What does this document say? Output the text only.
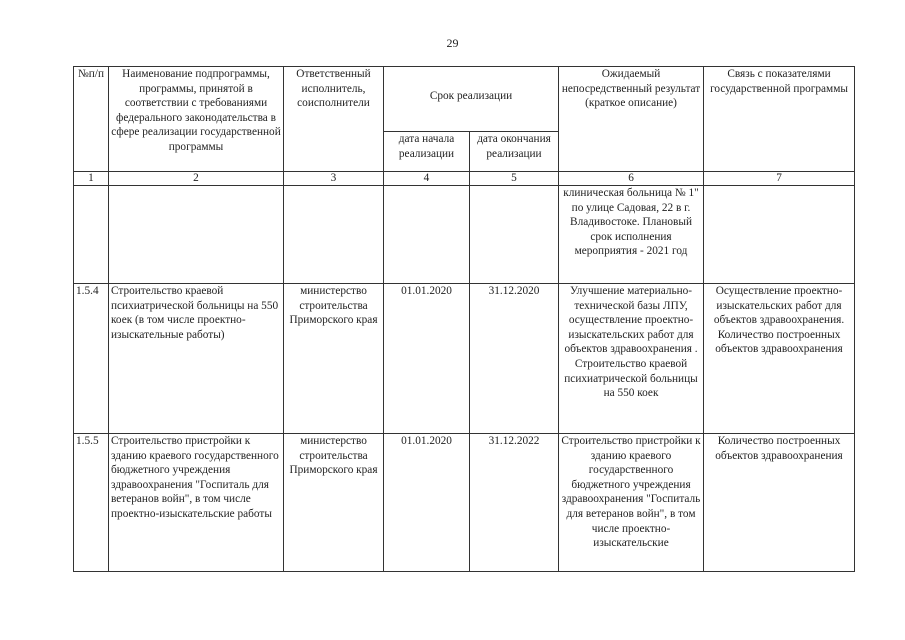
29
№п/п	Наименование подпрограммы, программы, принятой в соответствии с требованиями федерального законодательства в сфере реализации государственной программы	Ответственный исполнитель, соисполнители	Срок реализации		Ожидаемый непосредственный результат (краткое описание)	Связь с показателями государственной программы
			дата начала реализации	дата окончания реализации		
1	2	3	4	5	6	7
					клиническая больница № 1" по улице Садовая, 22 в г. Владивостоке. Плановый срок исполнения мероприятия - 2021 год	
1.5.4	Строительство краевой психиатрической больницы на 550 коек (в том числе проектно-изыскательные работы)	министерство строительства Приморского края	01.01.2020	31.12.2020	Улучшение материально-технической базы ЛПУ, осуществление проектно-изыскательских работ для объектов здравоохранения . Строительство краевой психиатрической больницы на 550 коек	Осуществление проектно-изыскательских работ для объектов здравоохранения. Количество построенных объектов здравоохранения
1.5.5	Строительство пристройки к зданию краевого государственного бюджетного учреждения здравоохранения "Госпиталь для ветеранов войн", в том числе проектно-изыскательские работы	министерство строительства Приморского края	01.01.2020	31.12.2022	Строительство пристройки к зданию краевого государственного бюджетного учреждения здравоохранения "Госпиталь для ветеранов войн", в том числе проектно-изыскательские	Количество построенных объектов здравоохранения
